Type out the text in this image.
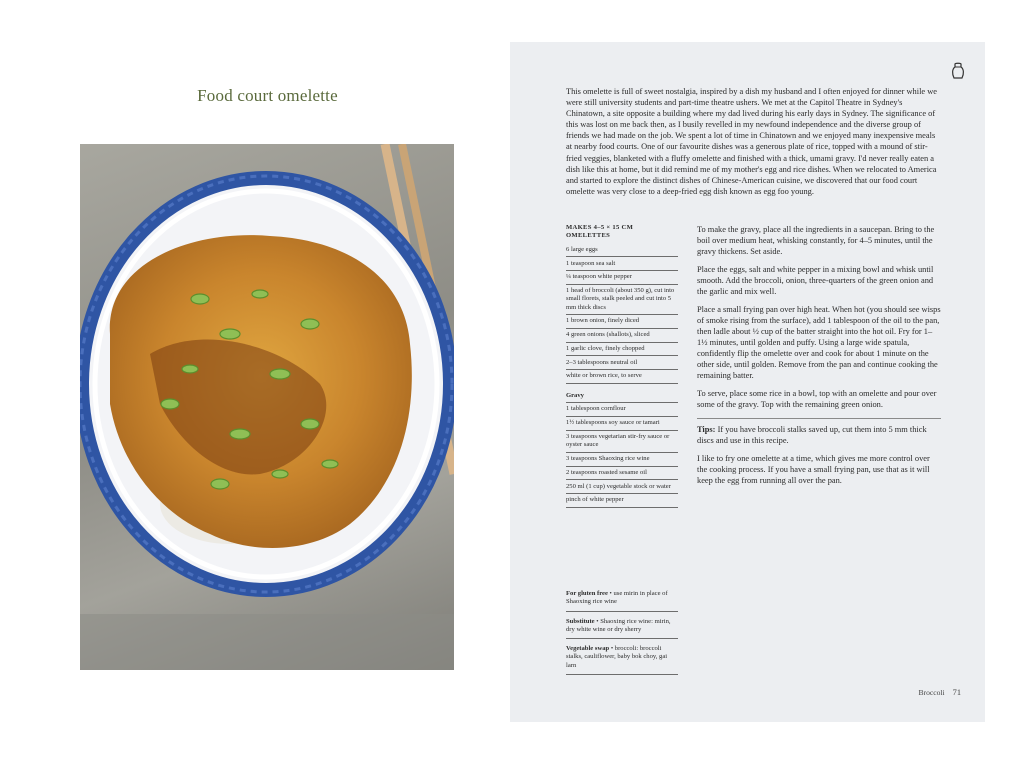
Food court omelette	This omelette is full of sweet nostalgia, inspired by a dish my husband and I often enjoyed for dinner while we were still university students and part-time theatre ushers. We met at the Capitol Theatre in Sydney's Chinatown, a site opposite a building where my dad lived during his early days in Sydney. The significance of this was lost on me back then, as I busily revelled in my newfound independence and the diverse group of friends we had made on the job. We spent a lot of time in Chinatown and we enjoyed many inexpensive meals at nearby food courts. One of our favourite dishes was a generous plate of rice, topped with a mound of stir-fried veggies, blanketed with a fluffy omelette and finished with a thick, umami gravy. I'd never really eaten a dish like this at home, but it did remind me of my mother's egg and rice dishes. When we relocated to America and started to explore the distinct dishes of Chinese-American cuisine, we discovered that our food court omelette was very close to a deep-fried egg dish known as egg foo young.
MAKES 4–5 × 15 CM OMELETTES
6 large eggs
1 teaspoon sea salt
¼ teaspoon white pepper
1 head of broccoli (about 350 g), cut into small florets, stalk peeled and cut into 5 mm thick discs
1 brown onion, finely diced
4 green onions (shallots), sliced
1 garlic clove, finely chopped
2–3 tablespoons neutral oil
white or brown rice, to serve
Gravy
1 tablespoon cornflour
1½ tablespoons soy sauce or tamari
3 teaspoons vegetarian stir-fry sauce or oyster sauce
3 teaspoons Shaoxing rice wine
2 teaspoons roasted sesame oil
250 ml (1 cup) vegetable stock or water
pinch of white pepper

To make the gravy, place all the ingredients in a saucepan. Bring to the boil over medium heat, whisking constantly, for 4–5 minutes, until the gravy thickens. Set aside.

Place the eggs, salt and white pepper in a mixing bowl and whisk until smooth. Add the broccoli, onion, three-quarters of the green onion and the garlic and mix well.

Place a small frying pan over high heat. When hot (you should see wisps of smoke rising from the surface), add 1 tablespoon of the oil to the pan, then ladle about ½ cup of the batter straight into the hot oil. Fry for 1–1½ minutes, until golden and puffy. Using a large wide spatula, confidently flip the omelette over and cook for about 1 minute on the other side, until golden. Remove from the pan and continue cooking the remaining batter.

To serve, place some rice in a bowl, top with an omelette and pour over some of the gravy. Top with the remaining green onion.

Tips: If you have broccoli stalks saved up, cut them into 5 mm thick discs and use in this recipe.

I like to fry one omelette at a time, which gives me more control over the cooking process. If you have a small frying pan, use that as it will keep the egg from running all over the pan.

For gluten free • use mirin in place of Shaoxing rice wine
Substitute • Shaoxing rice wine: mirin, dry white wine or dry sherry
Vegetable swap • broccoli: broccoli stalks, cauliflower, baby bok choy, gai larn
Broccoli 71
